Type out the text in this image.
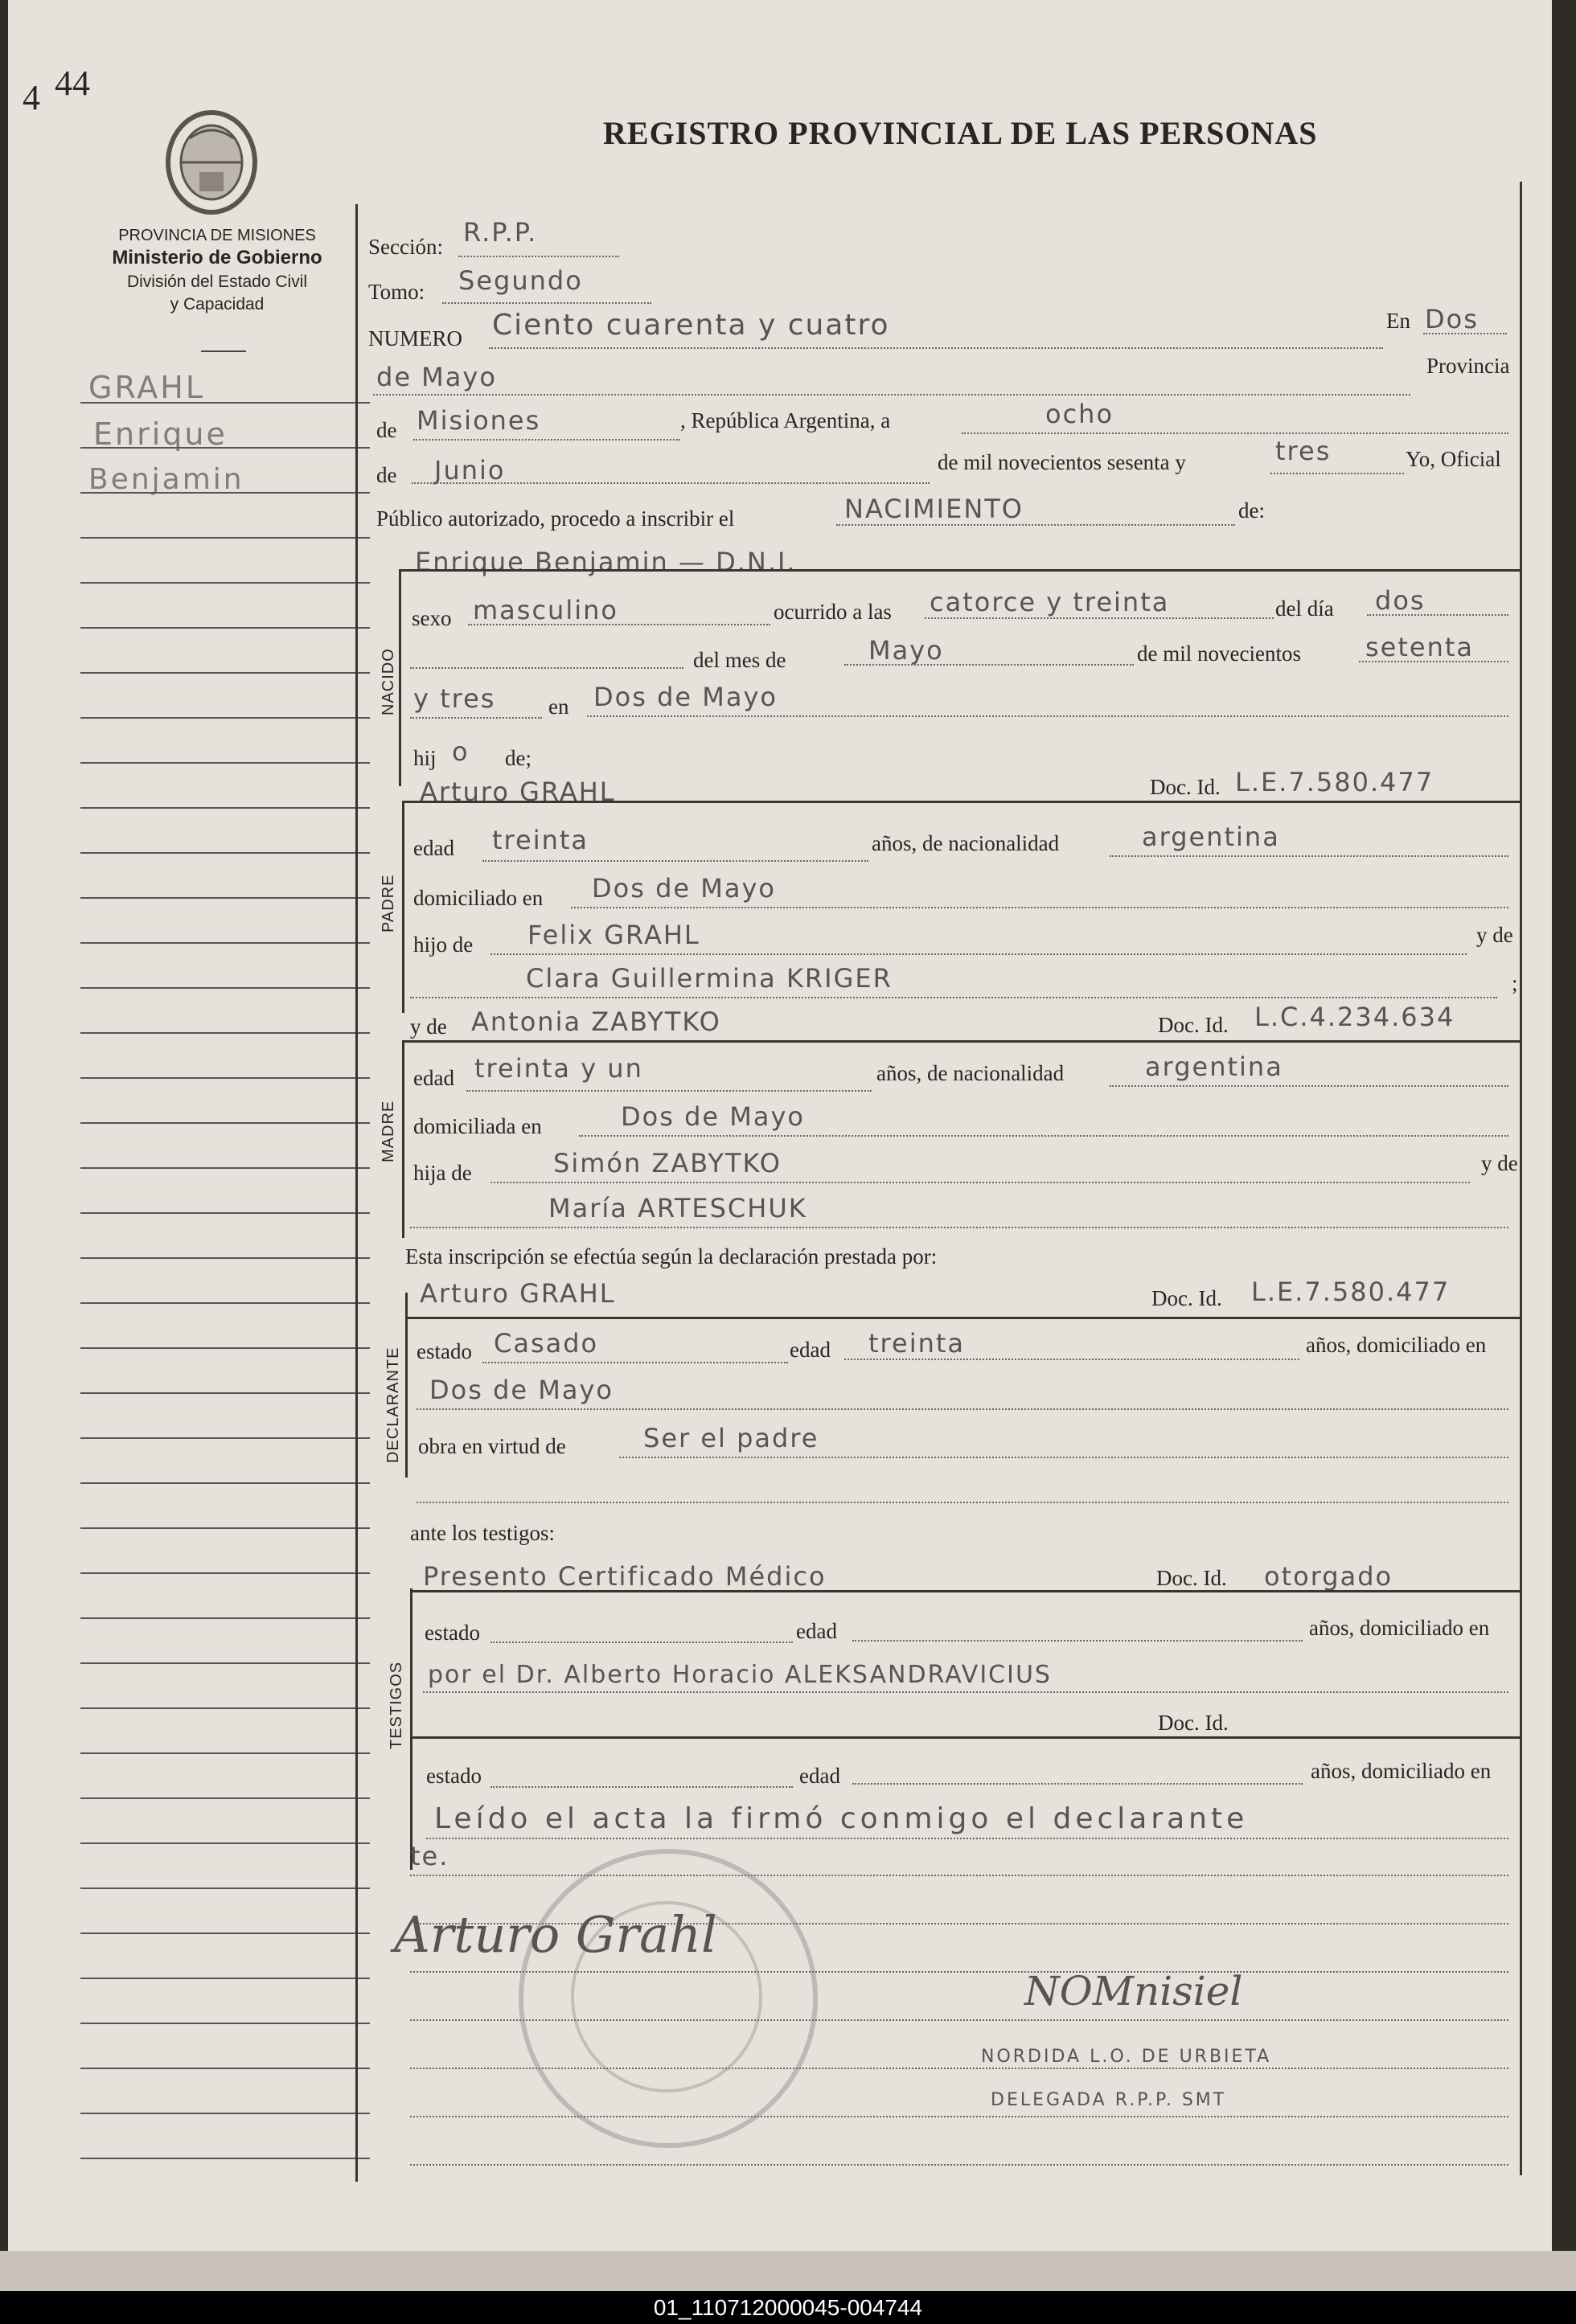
4 44
PROVINCIA DE MISIONES
Ministerio de Gobierno
División del Estado Civil
y Capacidad
REGISTRO PROVINCIAL DE LAS PERSONAS
GRAHL
Enrique
Benjamin
Sección: R.P.P.
Tomo: Segundo
NUMERO Ciento cuarenta y cuatro	En Dos
de Mayo	Provincia
de Misiones	, República Argentina, a	ocho
de Junio	de mil novecientos sesenta y	tres	Yo, Oficial
Público autorizado, procedo a inscribir el	NACIMIENTO	de:
NACIDO
Enrique Benjamin — D.N.I.
sexo masculino	ocurrido a las catorce y treinta	del día dos
del mes de	Mayo	de mil novecientos	setenta
y tres en Dos de Mayo
hij o de;
PADRE
Arturo GRAHL	Doc. Id. L.E.7.580.477
edad treinta	años, de nacionalidad	argentina
domiciliado en Dos de Mayo
hijo de Felix GRAHL	y de
Clara Guillermina KRIGER	;
MADRE
y de Antonia ZABYTKO	Doc. Id. L.C.4.234.634
edad treinta y un	años, de nacionalidad	argentina
domiciliada en	Dos de Mayo
hija de	Simón ZABYTKO	y de
María ARTESCHUK
Esta inscripción se efectúa según la declaración prestada por:
DECLARANTE
Arturo GRAHL	Doc. Id. L.E.7.580.477
estado Casado	edad treinta	años, domiciliado en
Dos de Mayo
obra en virtud de	Ser el padre
ante los testigos:
TESTIGOS
Presento Certificado Médico	Doc. Id. otorgado
estado	edad	años, domiciliado en
por el Dr. Alberto Horacio ALEKSANDRAVICIUS
Doc. Id.
estado	edad	años, domiciliado en
Leído el acta la firmó conmigo el declarante
te.
Arturo Grahl
NOMnisiel
NORDIDA L.O. DE URBIETA
DELEGADA R.P.P. SMT
01_110712000045-004744
